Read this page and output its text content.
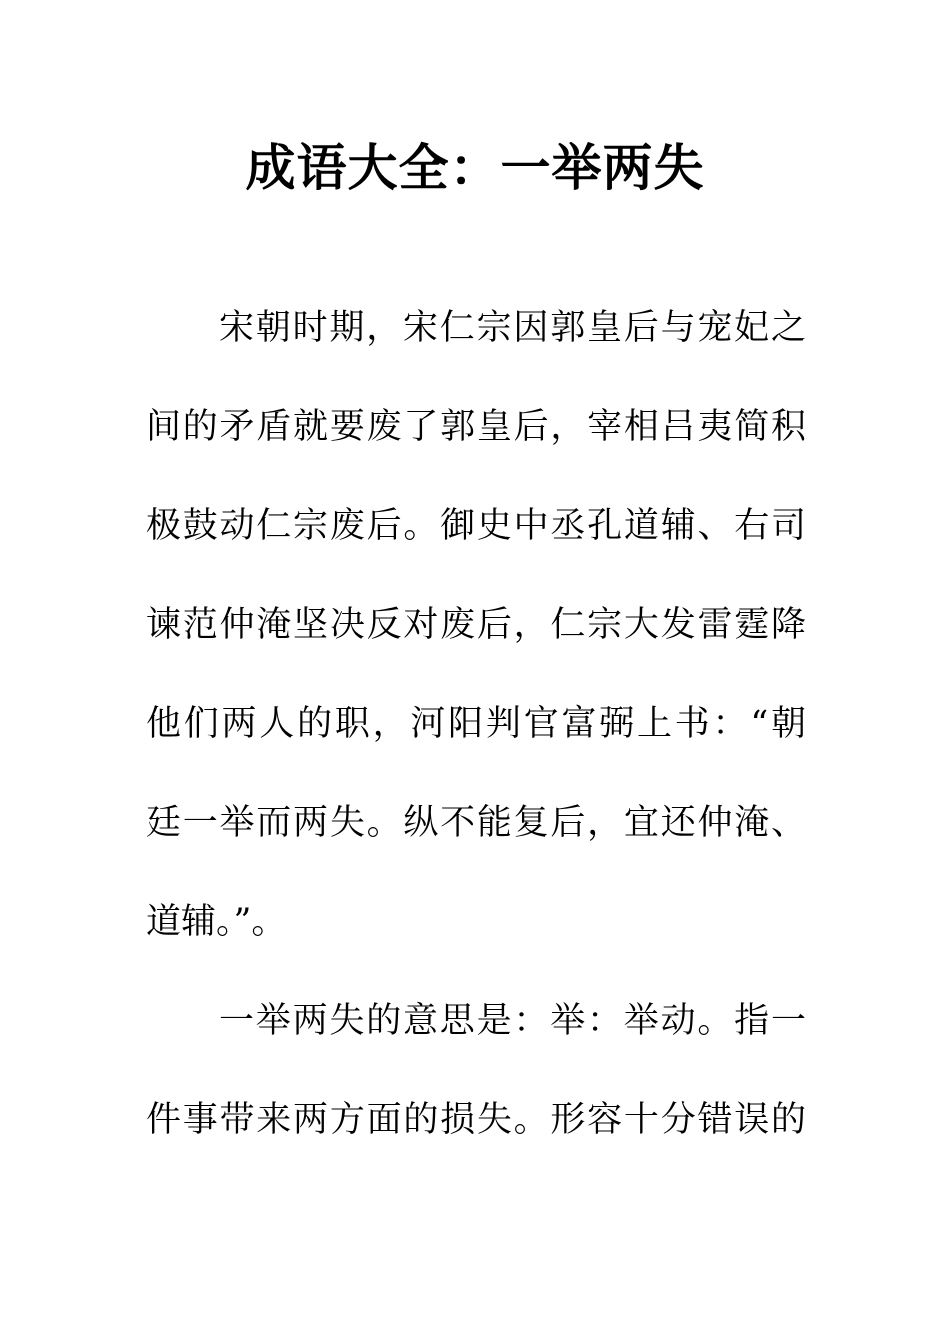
成语大全：一举两失
宋朝时期，宋仁宗因郭皇后与宠妃之
间的矛盾就要废了郭皇后，宰相吕夷简积
极鼓动仁宗废后。御史中丞孔道辅、右司
谏范仲淹坚决反对废后，仁宗大发雷霆降
他们两人的职，河阳判官富弼上书：“朝
廷一举而两失。纵不能复后，宜还仲淹、
道辅。”。
一举两失的意思是：举：举动。指一
件事带来两方面的损失。形容十分错误的
